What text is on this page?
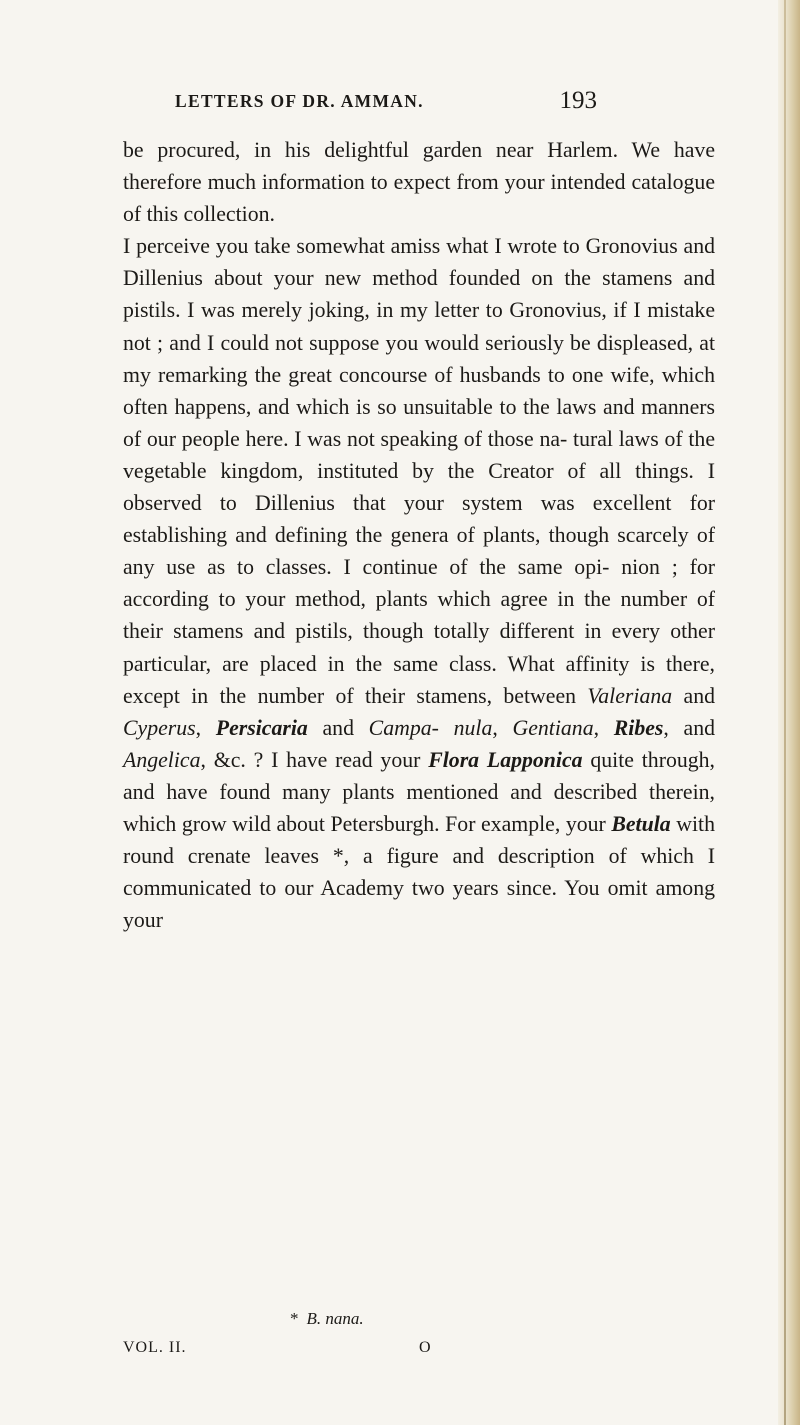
LETTERS OF DR. AMMAN.	193

be procured, in his delightful garden near Harlem. We have therefore much information to expect from your intended catalogue of this collection.

I perceive you take somewhat amiss what I wrote to Gronovius and Dillenius about your new method founded on the stamens and pistils. I was merely joking, in my letter to Gronovius, if I mistake not ; and I could not suppose you would seriously be displeased, at my remarking the great concourse of husbands to one wife, which often happens, and which is so unsuitable to the laws and manners of our people here. I was not speaking of those na- tural laws of the vegetable kingdom, instituted by the Creator of all things. I observed to Dillenius that your system was excellent for establishing and defining the genera of plants, though scarcely of any use as to classes. I continue of the same opi- nion ; for according to your method, plants which agree in the number of their stamens and pistils, though totally different in every other particular, are placed in the same class. What affinity is there, except in the number of their stamens, between Valeriana and Cyperus, Persicaria and Campa- nula, Gentiana, Ribes, and Angelica, &c. ? I have read your Flora Lapponica quite through, and have found many plants mentioned and described therein, which grow wild about Petersburgh. For example, your Betula with round crenate leaves *, a figure and description of which I communicated to our Academy two years since. You omit among your

* B. nana.
VOL. II.	O
